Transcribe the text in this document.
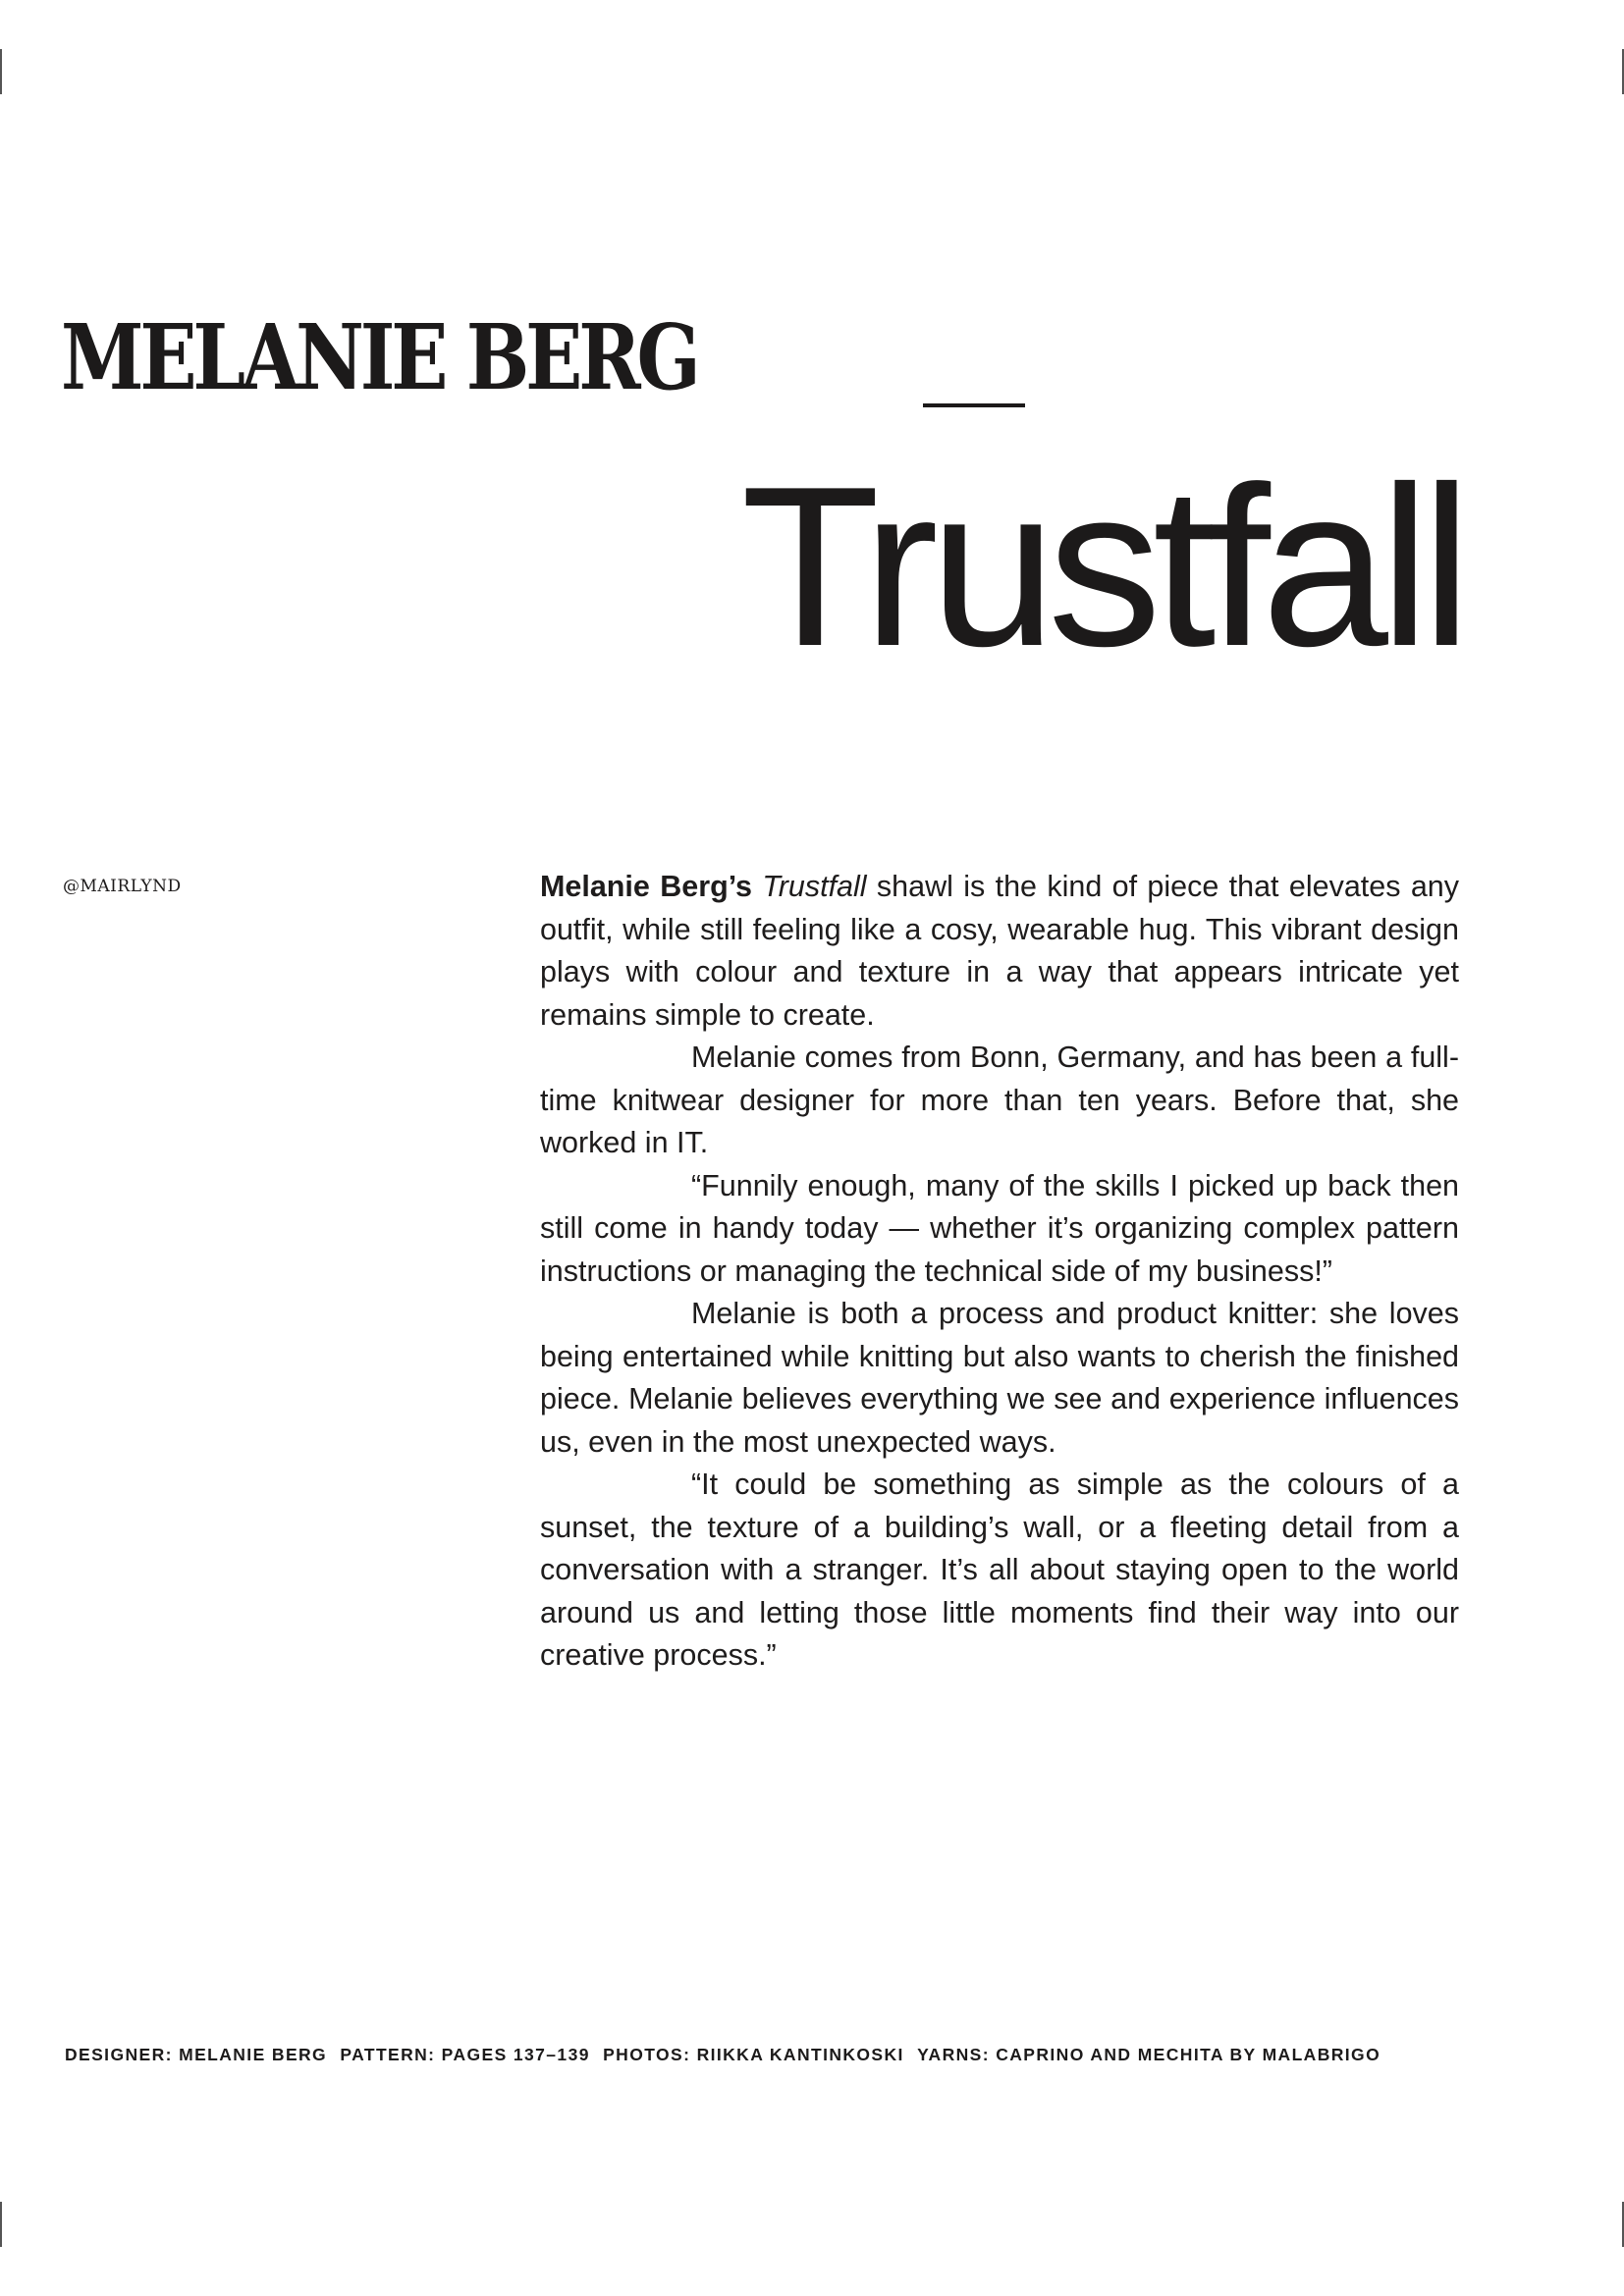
MELANIE BERG
Trustfall
@MAIRLYND	Melanie Berg’s Trustfall shawl is the kind of piece that elevates any outfit, while still feeling like a cosy, wearable hug. This vibrant design plays with colour and texture in a way that appears intricate yet remains simple to create.

Melanie comes from Bonn, Germany, and has been a full-time knitwear designer for more than ten years. Before that, she worked in IT.

“Funnily enough, many of the skills I picked up back then still come in handy today — whether it’s organizing complex pattern instructions or managing the technical side of my business!”

Melanie is both a process and product knitter: she loves being entertained while knitting but also wants to cherish the finished piece. Melanie believes everything we see and experience influences us, even in the most unexpected ways.

“It could be something as simple as the colours of a sunset, the texture of a building’s wall, or a fleeting detail from a conversation with a stranger. It’s all about staying open to the world around us and letting those little moments find their way into our creative process.”

DESIGNER: MELANIE BERG PATTERN: PAGES 137–139 PHOTOS: RIIKKA KANTINKOSKI YARNS: CAPRINO AND MECHITA BY MALABRIGO
